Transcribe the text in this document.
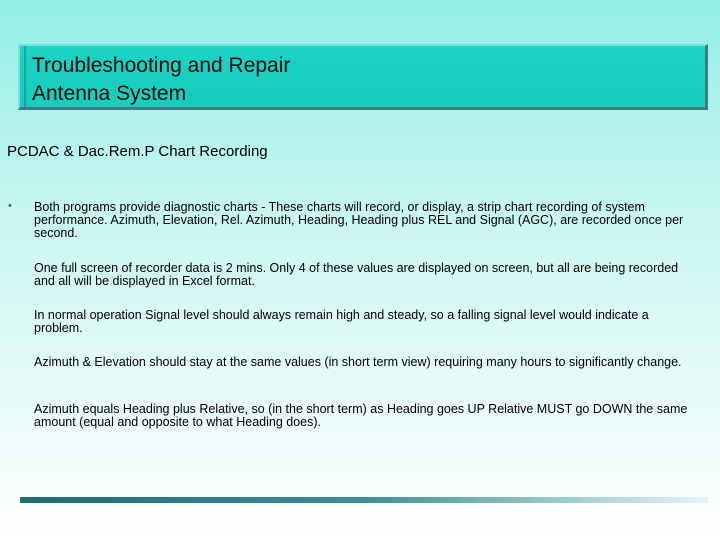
Troubleshooting and Repair
Antenna System
PCDAC & Dac.Rem.P Chart Recording
• Both programs provide diagnostic charts - These charts will record, or display, a strip chart recording of system performance. Azimuth, Elevation, Rel. Azimuth, Heading, Heading plus REL and Signal (AGC), are recorded once per second.
One full screen of recorder data is 2 mins. Only 4 of these values are displayed on screen, but all are being recorded and all will be displayed in Excel format.
In normal operation Signal level should always remain high and steady, so a falling signal level would indicate a problem.
Azimuth & Elevation should stay at the same values (in short term view) requiring many hours to significantly change.
Azimuth equals Heading plus Relative, so (in the short term) as Heading goes UP Relative MUST go DOWN the same amount (equal and opposite to what Heading does).
